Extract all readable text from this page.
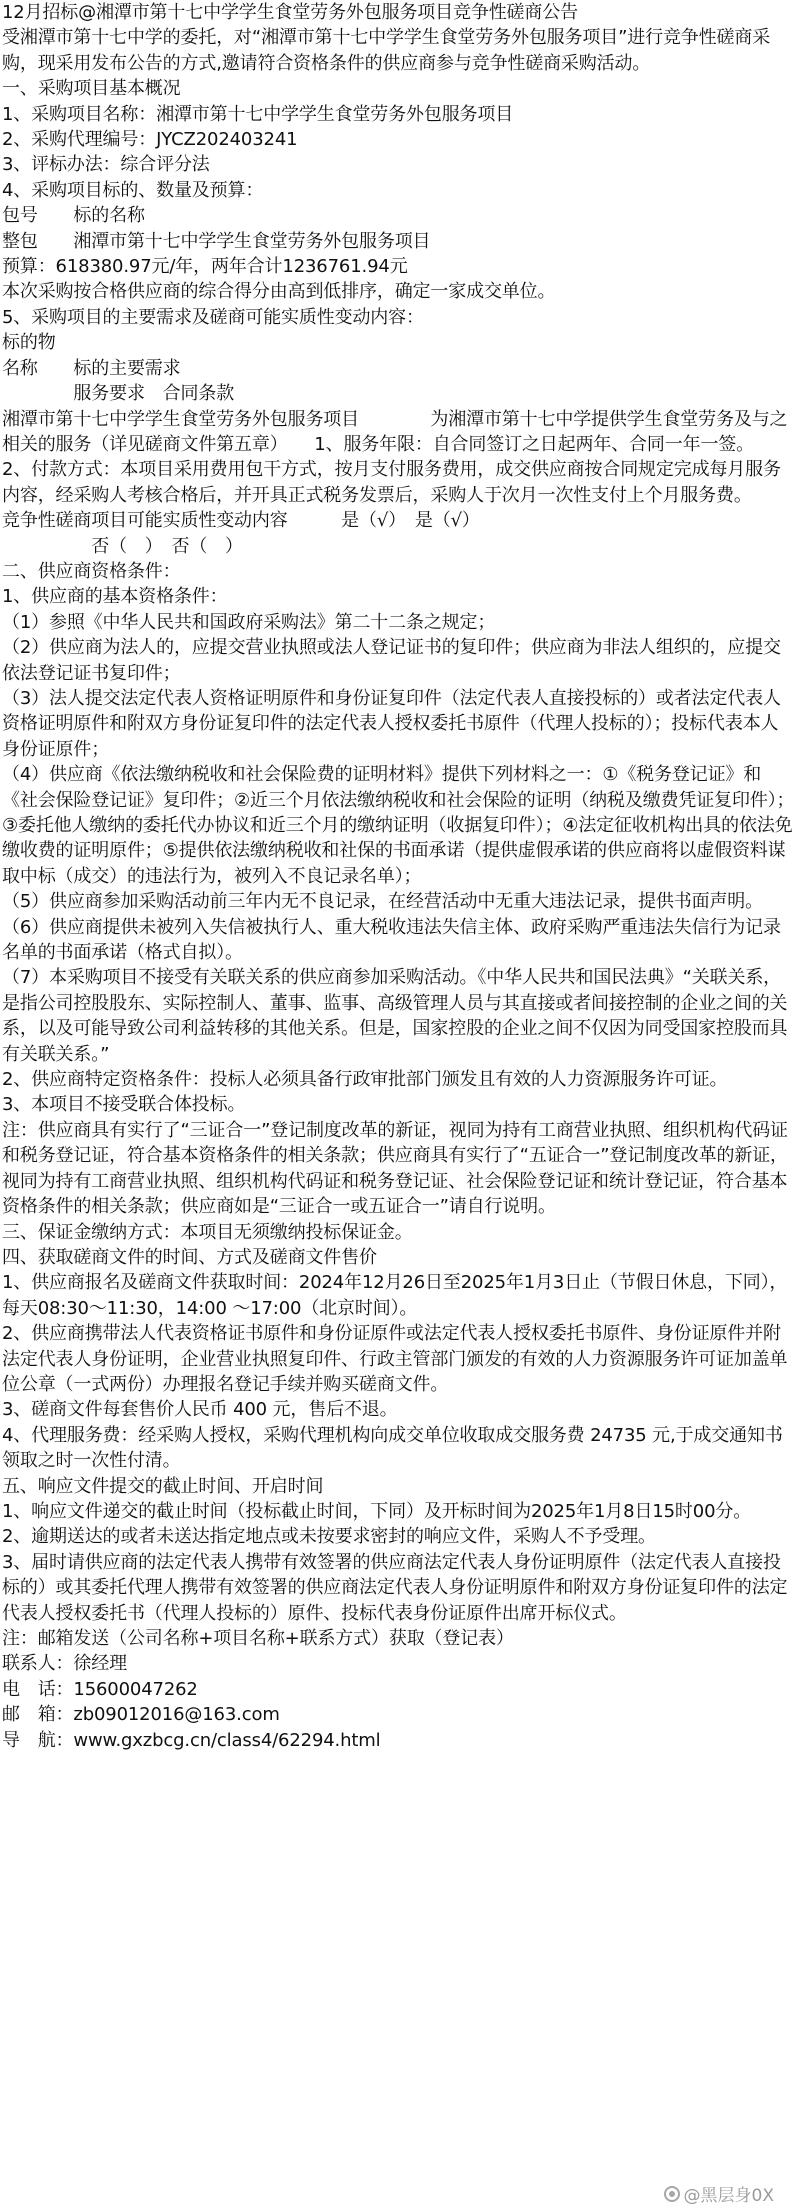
12月招标@湘潭市第十七中学学生食堂劳务外包服务项目竞争性磋商公告
受湘潭市第十七中学的委托，对“湘潭市第十七中学学生食堂劳务外包服务项目”进行竞争性磋商采购，现采用发布公告的方式,邀请符合资格条件的供应商参与竞争性磋商采购活动。
一、采购项目基本概况
1、采购项目名称：湘潭市第十七中学学生食堂劳务外包服务项目
2、采购代理编号：JYCZ202403241
3、评标办法：综合评分法
4、采购项目标的、数量及预算：
包号　　标的名称
整包　　湘潭市第十七中学学生食堂劳务外包服务项目
预算：618380.97元/年，两年合计1236761.94元
本次采购按合格供应商的综合得分由高到低排序，确定一家成交单位。
5、采购项目的主要需求及磋商可能实质性变动内容：
标的物
名称　　标的主要需求
　　　　服务要求　合同条款
湘潭市第十七中学学生食堂劳务外包服务项目　　　　为湘潭市第十七中学提供学生食堂劳务及与之相关的服务（详见磋商文件第五章）　　1、服务年限：自合同签订之日起两年、合同一年一签。
2、付款方式：本项目采用费用包干方式，按月支付服务费用，成交供应商按合同规定完成每月服务内容，经采购人考核合格后，并开具正式税务发票后，采购人于次月一次性支付上个月服务费。
竞争性磋商项目可能实质性变动内容　　　是（√）　是（√）
　　　　　否（　）　否（　）
二、供应商资格条件：
1、供应商的基本资格条件：
（1）参照《中华人民共和国政府采购法》第二十二条之规定；
（2）供应商为法人的，应提交营业执照或法人登记证书的复印件；供应商为非法人组织的，应提交依法登记证书复印件；
（3）法人提交法定代表人资格证明原件和身份证复印件（法定代表人直接投标的）或者法定代表人资格证明原件和附双方身份证复印件的法定代表人授权委托书原件（代理人投标的）；投标代表本人身份证原件；
（4）供应商《依法缴纳税收和社会保险费的证明材料》提供下列材料之一：①《税务登记证》和《社会保险登记证》复印件；②近三个月依法缴纳税收和社会保险的证明（纳税及缴费凭证复印件）；③委托他人缴纳的委托代办协议和近三个月的缴纳证明（收据复印件）；④法定征收机构出具的依法免缴收费的证明原件；⑤提供依法缴纳税收和社保的书面承诺（提供虚假承诺的供应商将以虚假资料谋取中标（成交）的违法行为，被列入不良记录名单）；
（5）供应商参加采购活动前三年内无不良记录，在经营活动中无重大违法记录，提供书面声明。
（6）供应商提供未被列入失信被执行人、重大税收违法失信主体、政府采购严重违法失信行为记录名单的书面承诺（格式自拟）。
（7）本采购项目不接受有关联关系的供应商参加采购活动。《中华人民共和国民法典》“关联关系，是指公司控股股东、实际控制人、董事、监事、高级管理人员与其直接或者间接控制的企业之间的关系，以及可能导致公司利益转移的其他关系。但是，国家控股的企业之间不仅因为同受国家控股而具有关联关系。”
2、供应商特定资格条件：投标人必须具备行政审批部门颁发且有效的人力资源服务许可证。
3、本项目不接受联合体投标。
注：供应商具有实行了“三证合一”登记制度改革的新证，视同为持有工商营业执照、组织机构代码证和税务登记证，符合基本资格条件的相关条款；供应商具有实行了“五证合一”登记制度改革的新证，视同为持有工商营业执照、组织机构代码证和税务登记证、社会保险登记证和统计登记证，符合基本资格条件的相关条款；供应商如是“三证合一或五证合一”请自行说明。
三、保证金缴纳方式：本项目无须缴纳投标保证金。
四、获取磋商文件的时间、方式及磋商文件售价
1、供应商报名及磋商文件获取时间：2024年12月26日至2025年1月3日止（节假日休息，下同），每天08:30～11:30，14:00 ～17:00（北京时间）。
2、供应商携带法人代表资格证书原件和身份证原件或法定代表人授权委托书原件、身份证原件并附法定代表人身份证明，企业营业执照复印件、行政主管部门颁发的有效的人力资源服务许可证加盖单位公章（一式两份）办理报名登记手续并购买磋商文件。
3、磋商文件每套售价人民币 400 元，售后不退。
4、代理服务费：经采购人授权，采购代理机构向成交单位收取成交服务费 24735 元,于成交通知书领取之时一次性付清。
五、响应文件提交的截止时间、开启时间
1、响应文件递交的截止时间（投标截止时间，下同）及开标时间为2025年1月8日15时00分。
2、逾期送达的或者未送达指定地点或未按要求密封的响应文件，采购人不予受理。
3、届时请供应商的法定代表人携带有效签署的供应商法定代表人身份证明原件（法定代表人直接投标的）或其委托代理人携带有效签署的供应商法定代表人身份证明原件和附双方身份证复印件的法定代表人授权委托书（代理人投标的）原件、投标代表身份证原件出席开标仪式。
注：邮箱发送（公司名称+项目名称+联系方式）获取（登记表）
联系人：徐经理
电　话：15600047262
邮　箱：zb09012016@163.com
导　航：www.gxzbcg.cn/class4/62294.html
@黑层身0X
